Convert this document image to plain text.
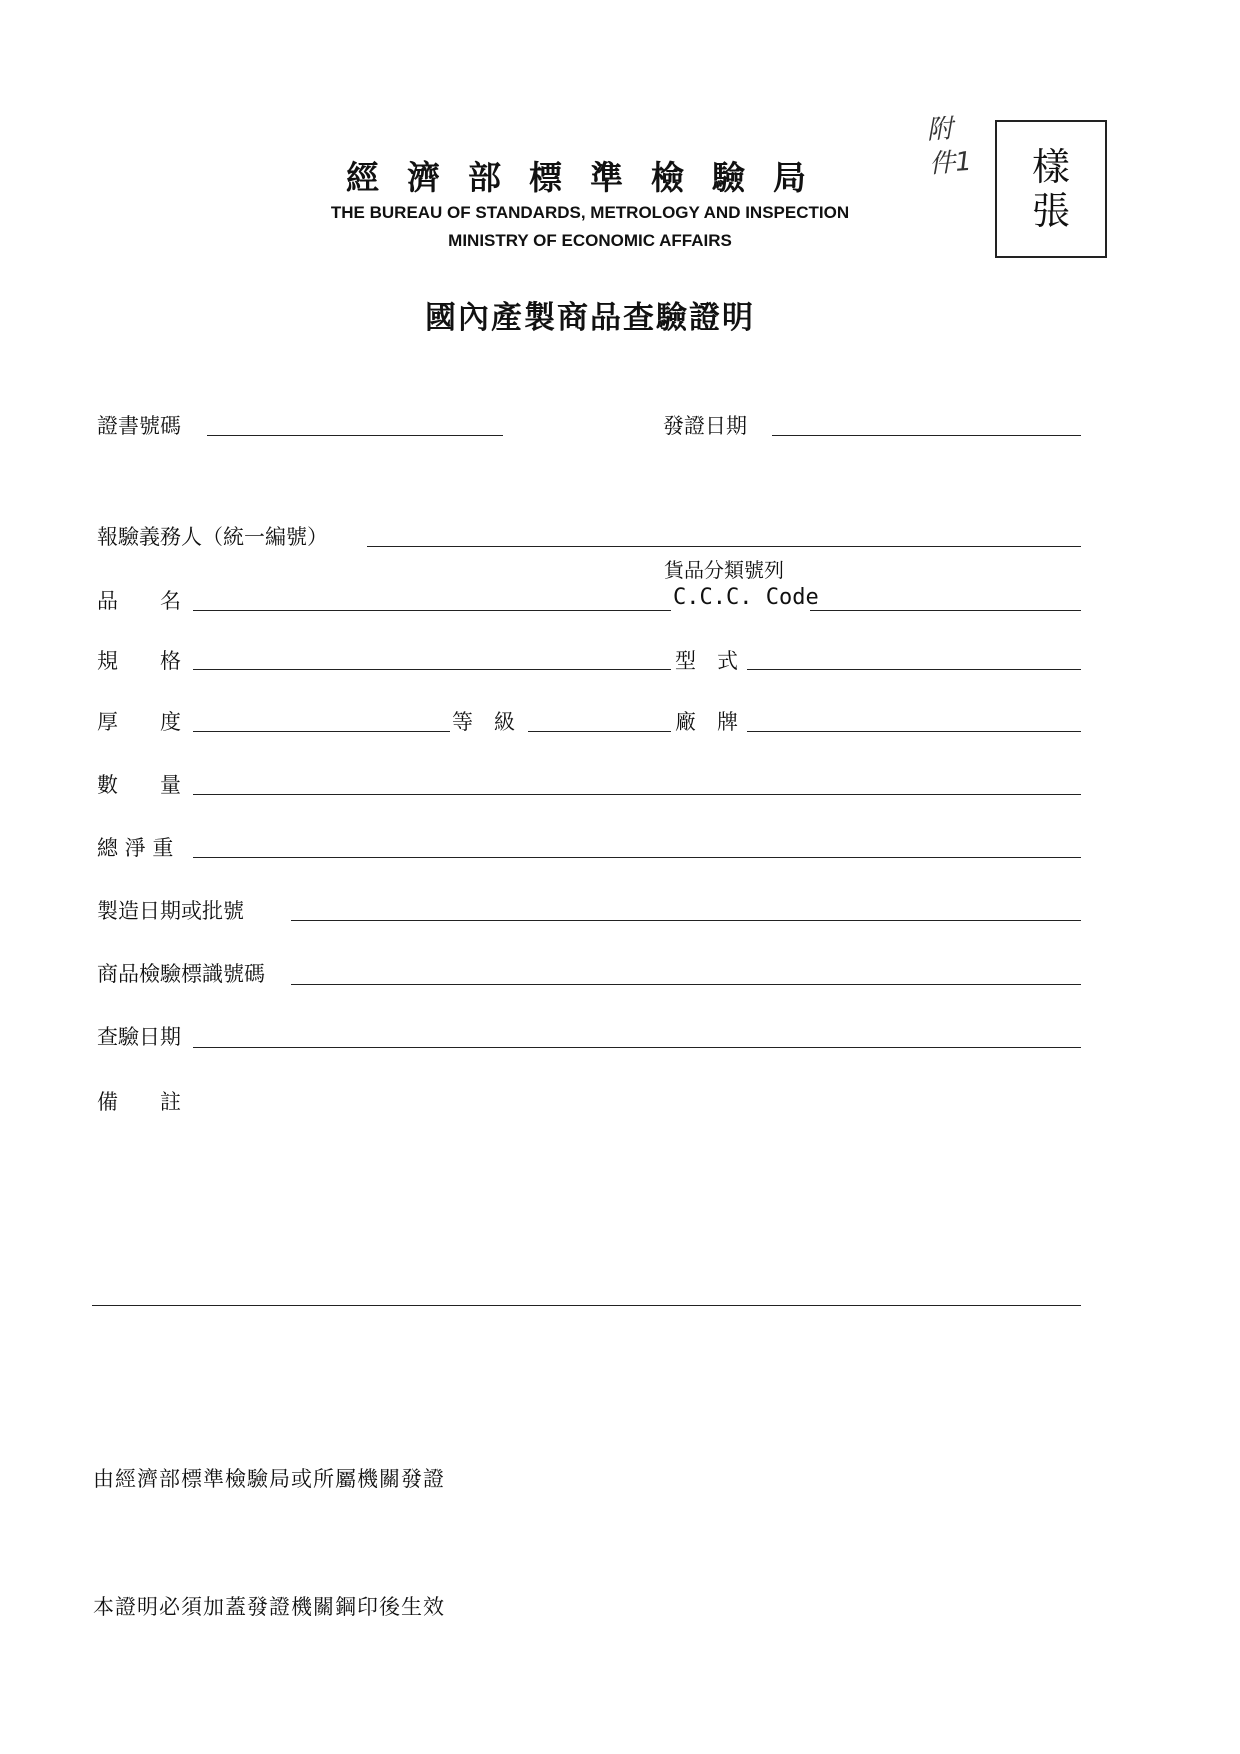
經濟部標準檢驗局
THE BUREAU OF STANDARDS, METROLOGY AND INSPECTION
MINISTRY OF ECONOMIC AFFAIRS
附件1 樣張
國內產製商品查驗證明
證書號碼	發證日期
報驗義務人（統一編號）
貨品分類號列
品　　名	C.C.C. Code
規　　格	型　式
厚　　度	等　級	廠　牌
數　　量
總 淨 重
製造日期或批號
商品檢驗標識號碼
查驗日期
備　　註
由經濟部標準檢驗局或所屬機關發證
本證明必須加蓋發證機關鋼印後生效
